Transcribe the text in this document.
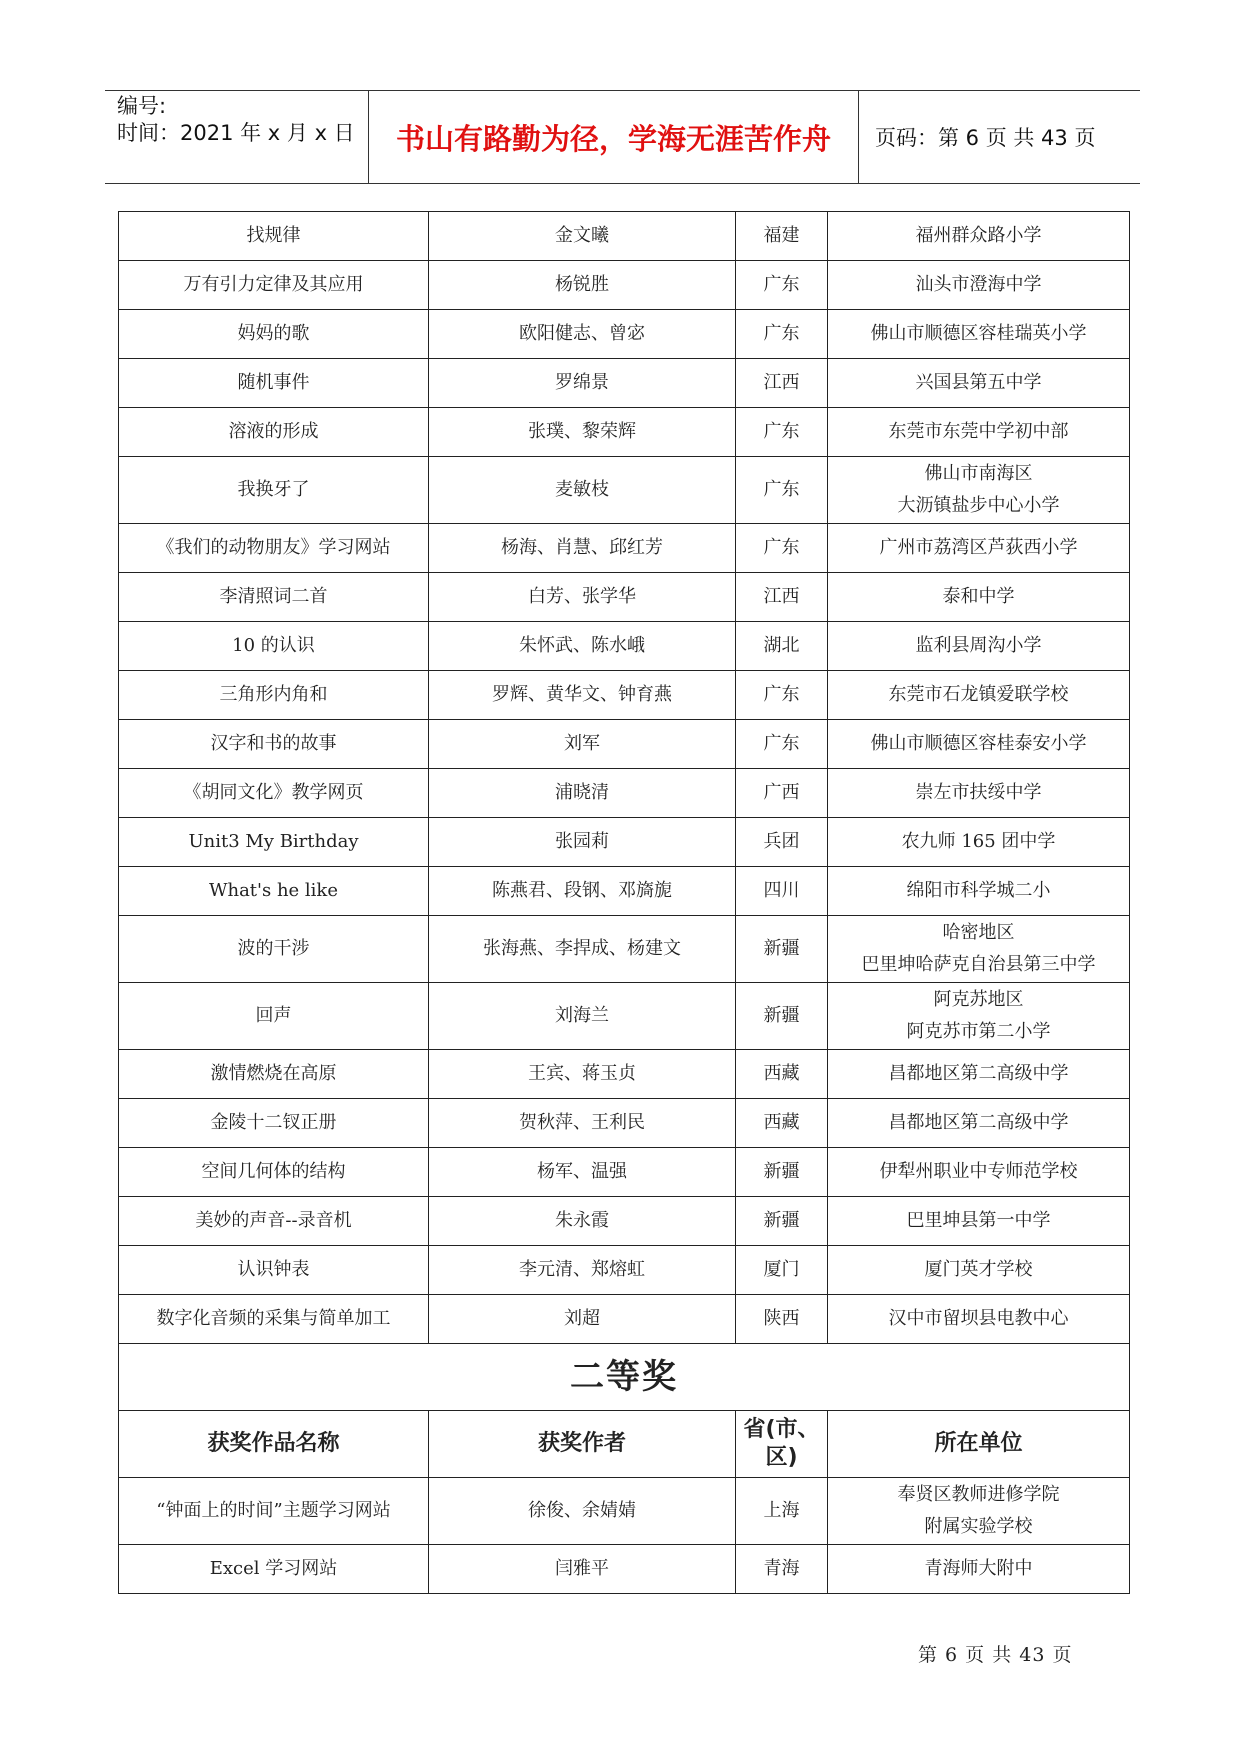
编号:
时间：2021 年 x 月 x 日	书山有路勤为径，学海无涯苦作舟	页码：第 6 页 共 43 页
找规律	金文曦	福建	福州群众路小学

万有引力定律及其应用	杨锐胜	广东	汕头市澄海中学

妈妈的歌	欧阳健志、曾宓	广东	佛山市顺德区容桂瑞英小学

随机事件	罗绵景	江西	兴国县第五中学

溶液的形成	张璞、黎荣辉	广东	东莞市东莞中学初中部

我换牙了	麦敏枝	广东	佛山市南海区
大沥镇盐步中心小学

《我们的动物朋友》学习网站	杨海、肖慧、邱红芳	广东	广州市荔湾区芦荻西小学

李清照词二首	白芳、张学华	江西	泰和中学

10 的认识	朱怀武、陈水峨	湖北	监利县周沟小学

三角形内角和	罗辉、黄华文、钟育燕	广东	东莞市石龙镇爱联学校

汉字和书的故事	刘军	广东	佛山市顺德区容桂泰安小学

《胡同文化》教学网页	浦晓清	广西	崇左市扶绥中学

Unit3 My Birthday	张园莉	兵团	农九师 165 团中学

What's he like	陈燕君、段钢、邓旖旎	四川	绵阳市科学城二小

波的干涉	张海燕、李捍成、杨建文	新疆	哈密地区
巴里坤哈萨克自治县第三中学

回声	刘海兰	新疆	阿克苏地区
阿克苏市第二小学

激情燃烧在高原	王宾、蒋玉贞	西藏	昌都地区第二高级中学

金陵十二钗正册	贺秋萍、王利民	西藏	昌都地区第二高级中学

空间几何体的结构	杨军、温强	新疆	伊犁州职业中专师范学校

美妙的声音--录音机	朱永霞	新疆	巴里坤县第一中学

认识钟表	李元清、郑熔虹	厦门	厦门英才学校

数字化音频的采集与简单加工	刘超	陕西	汉中市留坝县电教中心

二等奖			
获奖作品名称	获奖作者	省(市、区)	所在单位

“钟面上的时间”主题学习网站	徐俊、余婧婧	上海	奉贤区教师进修学院
附属实验学校

Excel 学习网站	闫雅平	青海	青海师大附中
第 6 页 共 43 页
